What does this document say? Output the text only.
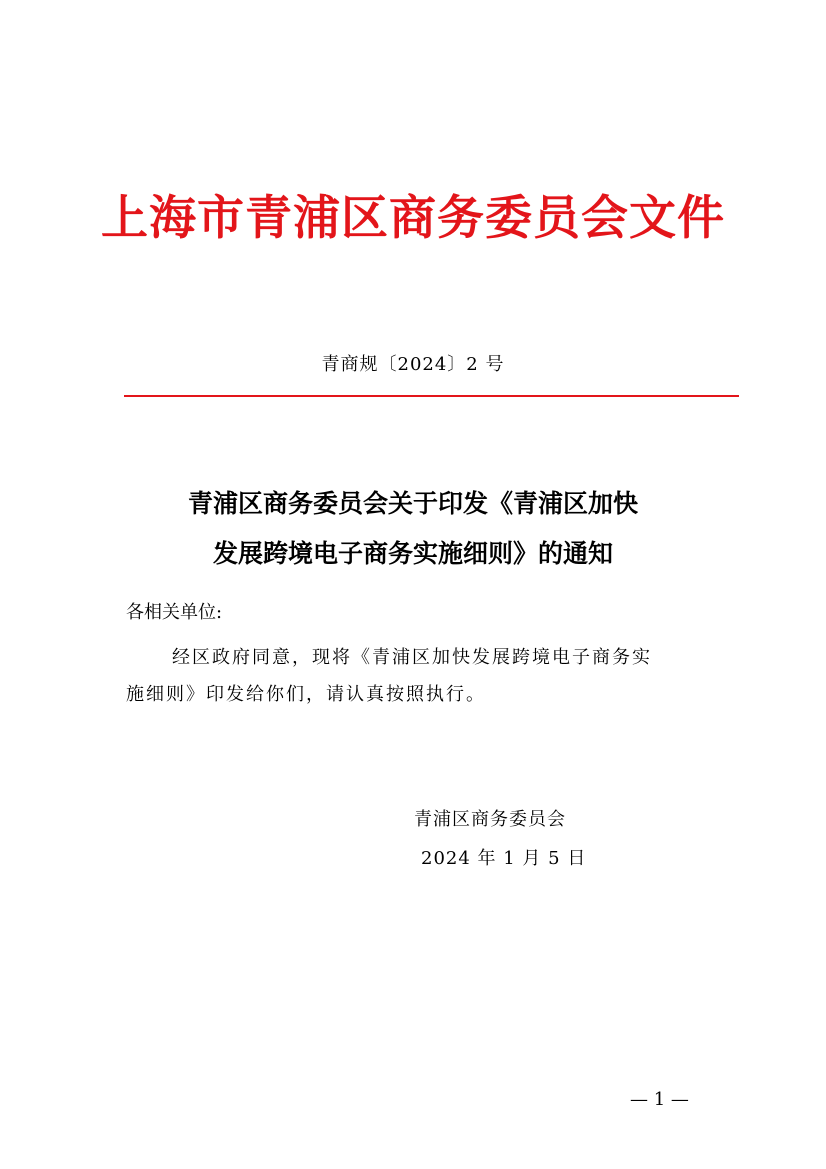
上海市青浦区商务委员会文件
青商规〔2024〕2 号
青浦区商务委员会关于印发《青浦区加快
发展跨境电子商务实施细则》的通知
各相关单位:
经区政府同意，现将《青浦区加快发展跨境电子商务实
施细则》印发给你们，请认真按照执行。
青浦区商务委员会
2024 年 1 月 5 日
— 1 —
